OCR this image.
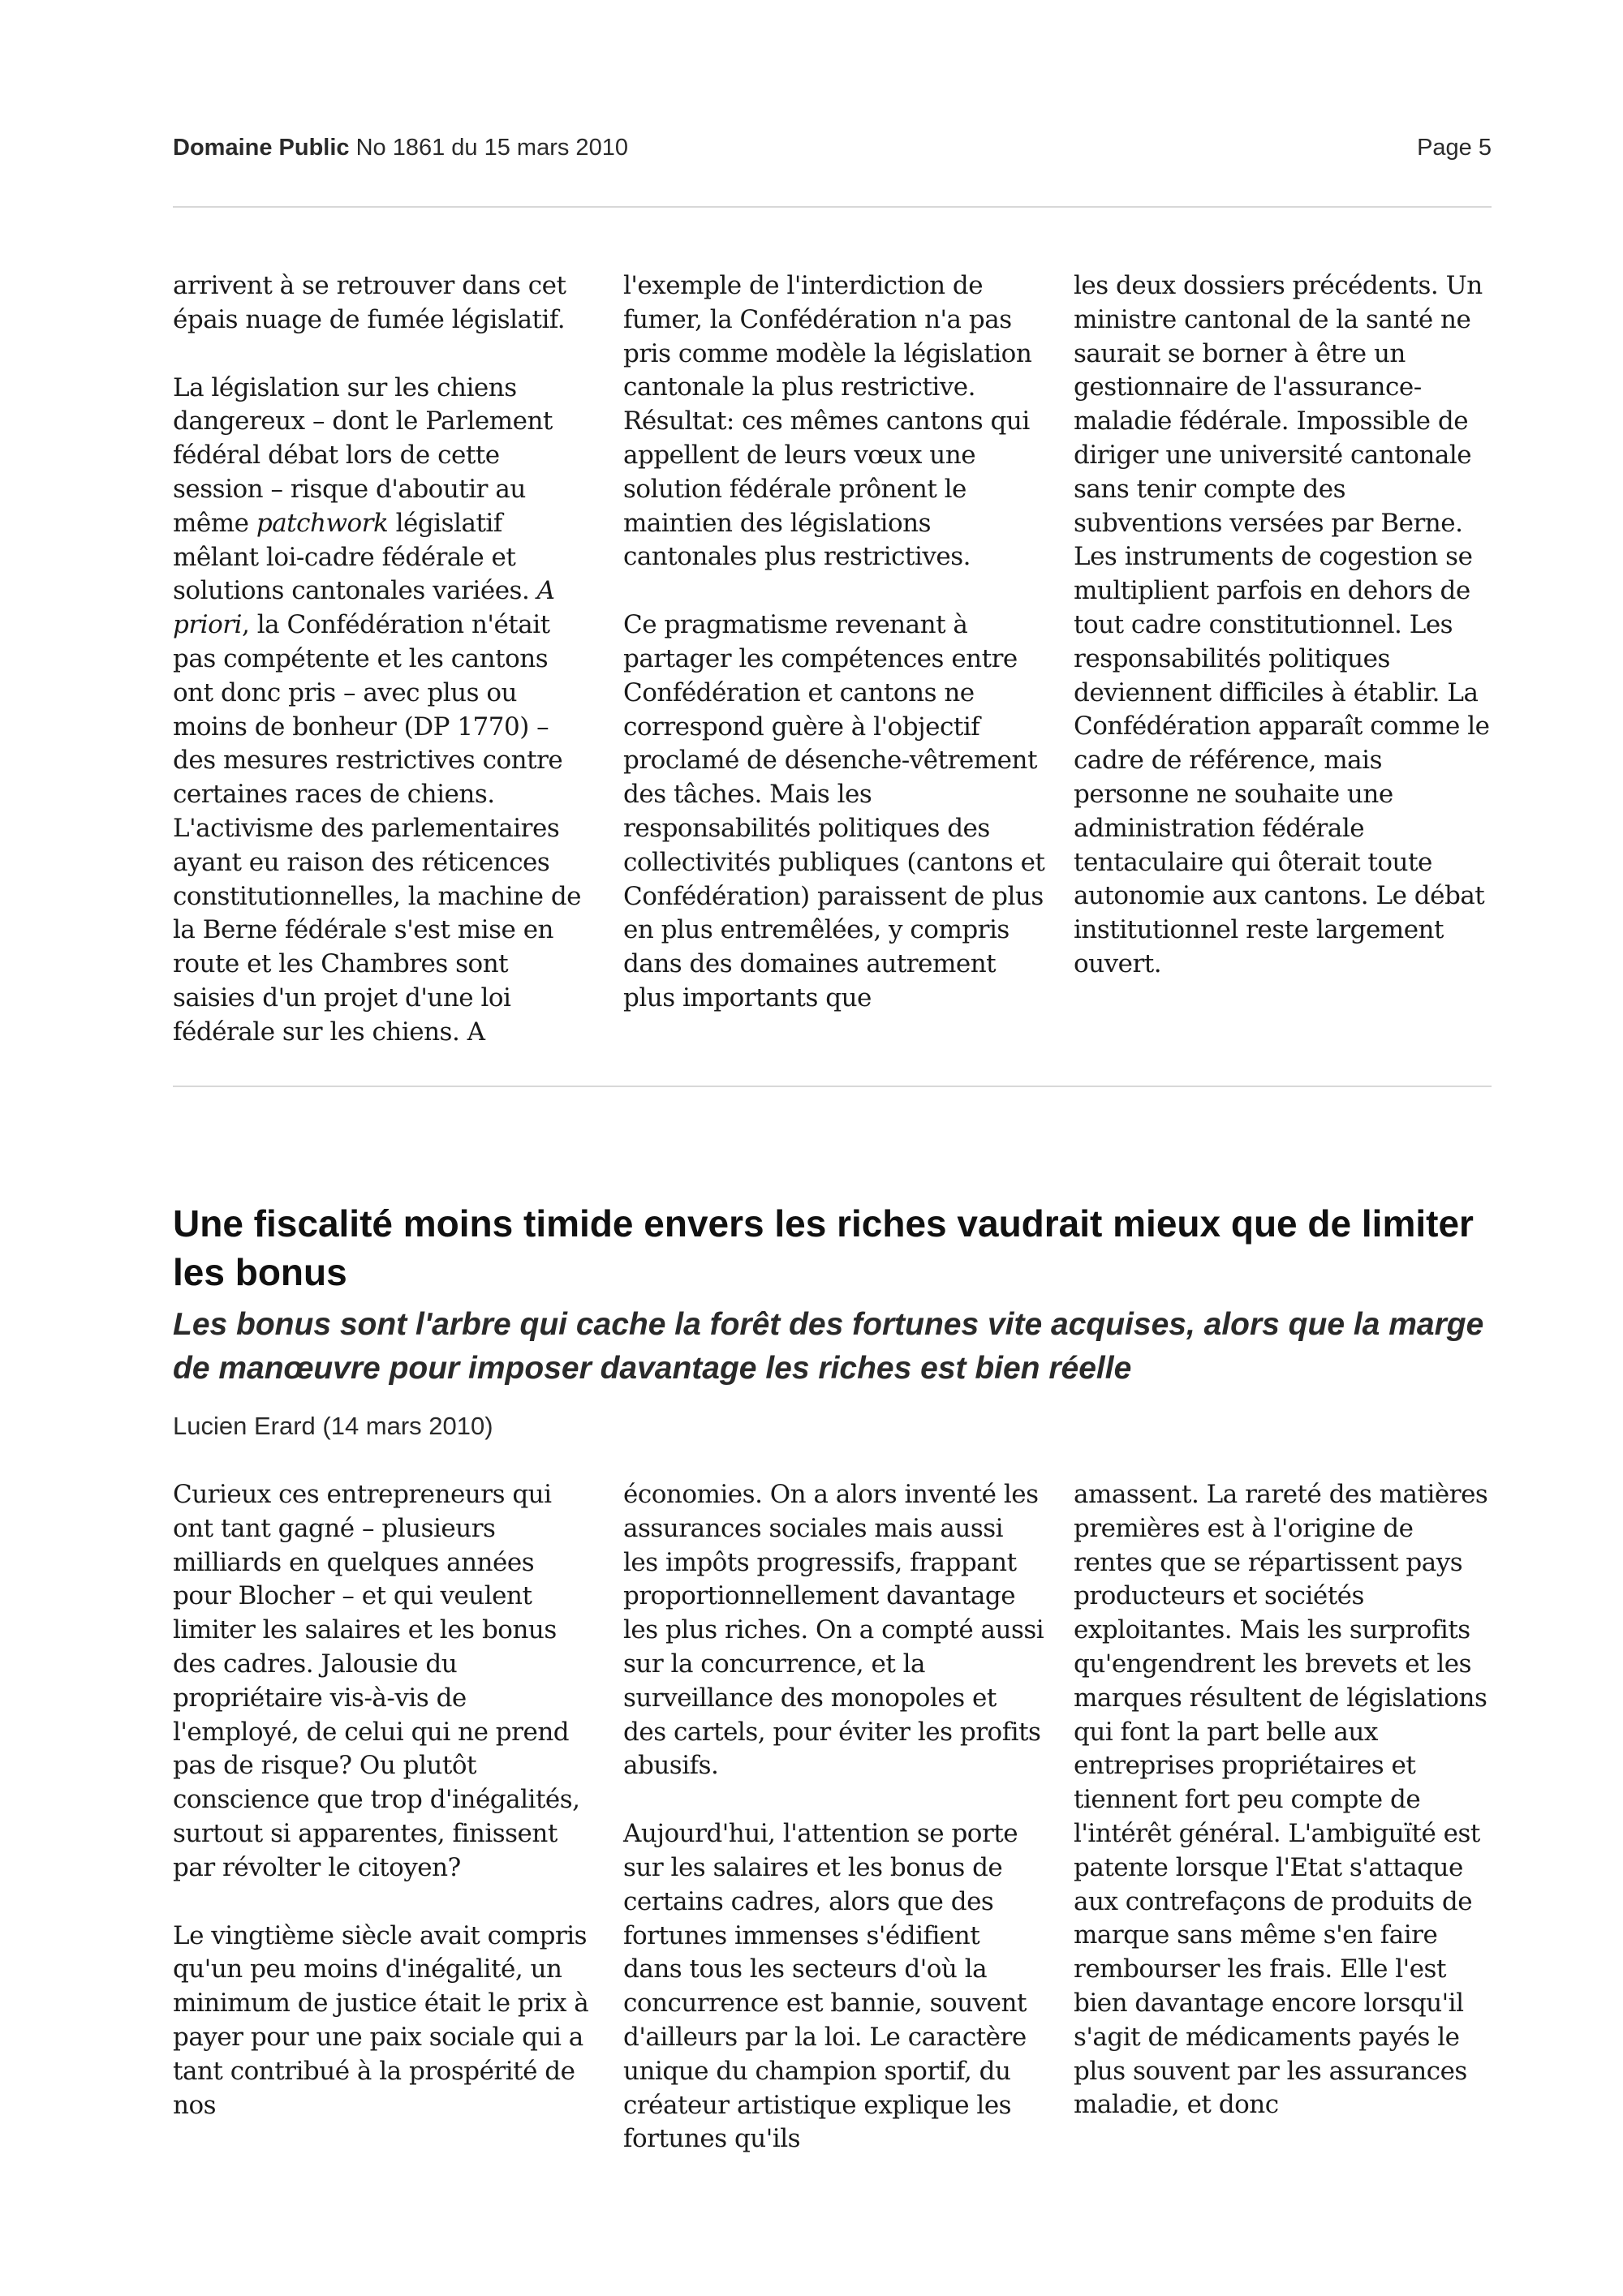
Domaine Public No 1861 du 15 mars 2010	Page 5

arrivent à se retrouver dans cet épais nuage de fumée législatif.

La législation sur les chiens dangereux – dont le Parlement fédéral débat lors de cette session – risque d'aboutir au même patchwork législatif mêlant loi-cadre fédérale et solutions cantonales variées. A priori, la Confédération n'était pas compétente et les cantons ont donc pris – avec plus ou moins de bonheur (DP 1770) – des mesures restrictives contre certaines races de chiens. L'activisme des parlementaires ayant eu raison des réticences constitutionnelles, la machine de la Berne fédérale s'est mise en route et les Chambres sont saisies d'un projet d'une loi fédérale sur les chiens. A

l'exemple de l'interdiction de fumer, la Confédération n'a pas pris comme modèle la législation cantonale la plus restrictive. Résultat: ces mêmes cantons qui appellent de leurs vœux une solution fédérale prônent le maintien des législations cantonales plus restrictives.

Ce pragmatisme revenant à partager les compétences entre Confédération et cantons ne correspond guère à l'objectif proclamé de désenche-vêtrement des tâches. Mais les responsabilités politiques des collectivités publiques (cantons et Confédération) paraissent de plus en plus entremêlées, y compris dans des domaines autrement plus importants que

les deux dossiers précédents. Un ministre cantonal de la santé ne saurait se borner à être un gestionnaire de l'assurance-maladie fédérale. Impossible de diriger une université cantonale sans tenir compte des subventions versées par Berne. Les instruments de cogestion se multiplient parfois en dehors de tout cadre constitutionnel. Les responsabilités politiques deviennent difficiles à établir. La Confédération apparaît comme le cadre de référence, mais personne ne souhaite une administration fédérale tentaculaire qui ôterait toute autonomie aux cantons. Le débat institutionnel reste largement ouvert.

Une fiscalité moins timide envers les riches vaudrait mieux que de limiter les bonus
Les bonus sont l'arbre qui cache la forêt des fortunes vite acquises, alors que la marge de manœuvre pour imposer davantage les riches est bien réelle
Lucien Erard (14 mars 2010)

Curieux ces entrepreneurs qui ont tant gagné – plusieurs milliards en quelques années pour Blocher – et qui veulent limiter les salaires et les bonus des cadres. Jalousie du propriétaire vis-à-vis de l'employé, de celui qui ne prend pas de risque? Ou plutôt conscience que trop d'inégalités, surtout si apparentes, finissent par révolter le citoyen?

Le vingtième siècle avait compris qu'un peu moins d'inégalité, un minimum de justice était le prix à payer pour une paix sociale qui a tant contribué à la prospérité de nos

économies. On a alors inventé les assurances sociales mais aussi les impôts progressifs, frappant proportionnellement davantage les plus riches. On a compté aussi sur la concurrence, et la surveillance des monopoles et des cartels, pour éviter les profits abusifs.

Aujourd'hui, l'attention se porte sur les salaires et les bonus de certains cadres, alors que des fortunes immenses s'édifient dans tous les secteurs d'où la concurrence est bannie, souvent d'ailleurs par la loi. Le caractère unique du champion sportif, du créateur artistique explique les fortunes qu'ils

amassent. La rareté des matières premières est à l'origine de rentes que se répartissent pays producteurs et sociétés exploitantes. Mais les surprofits qu'engendrent les brevets et les marques résultent de législations qui font la part belle aux entreprises propriétaires et tiennent fort peu compte de l'intérêt général. L'ambiguïté est patente lorsque l'Etat s'attaque aux contrefaçons de produits de marque sans même s'en faire rembourser les frais. Elle l'est bien davantage encore lorsqu'il s'agit de médicaments payés le plus souvent par les assurances maladie, et donc
